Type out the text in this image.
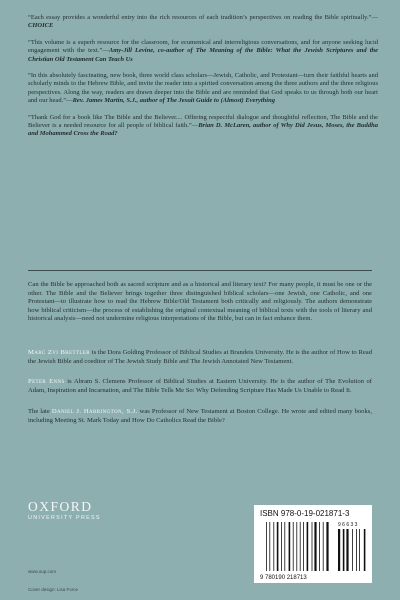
“Each essay provides a wonderful entry into the rich resources of each tradition’s perspectives on reading the Bible spiritually.”—CHOICE

“This volume is a superb resource for the classroom, for ecumenical and interreligious conversations, and for anyone seeking lucid engagement with the text.”—Amy-Jill Levine, co-author of The Meaning of the Bible: What the Jewish Scriptures and the Christian Old Testament Can Teach Us

“In this absolutely fascinating, new book, three world class scholars—Jewish, Catholic, and Protestant—turn their faithful hearts and scholarly minds to the Hebrew Bible, and invite the reader into a spirited conversation among the three authors and the three religious perspectives. Along the way, readers are drawn deeper into the Bible and are reminded that God speaks to us through both our heart and our head.”—Rev. James Martin, S.J., author of The Jesuit Guide to (Almost) Everything

“Thank God for a book like The Bible and the Believer.... Offering respectful dialogue and thoughtful reflection, The Bible and the Believer is a needed resource for all people of biblical faith.”—Brian D. McLaren, author of Why Did Jesus, Moses, the Buddha and Mohammed Cross the Road?

Can the Bible be approached both as sacred scripture and as a historical and literary text? For many people, it must be one or the other. The Bible and the Believer brings together three distinguished biblical scholars—one Jewish, one Catholic, and one Protestant—to illustrate how to read the Hebrew Bible/Old Testament both critically and religiously. The authors demonstrate how biblical criticism—the process of establishing the original contextual meaning of biblical texts with the tools of literary and historical analysis—need not undermine religious interpretations of the Bible, but can in fact enhance them.

Marc Zvi Brettler is the Dora Golding Professor of Biblical Studies at Brandeis University. He is the author of How to Read the Jewish Bible and coeditor of The Jewish Study Bible and The Jewish Annotated New Testament.

Peter Enns is Abram S. Clemens Professor of Biblical Studies at Eastern University. He is the author of The Evolution of Adam, Inspiration and Incarnation, and The Bible Tells Me So: Why Defending Scripture Has Made Us Unable to Read It.

The late Daniel J. Harrington, S.J. was Professor of New Testament at Boston College. He wrote and edited many books, including Meeting St. Mark Today and How Do Catholics Read the Bible?

OXFORD
UNIVERSITY PRESS
www.oup.com
Cover design: Lisa Force
ISBN 978-0-19-021871-3
9 6 6 3 3
9 780190 218713
